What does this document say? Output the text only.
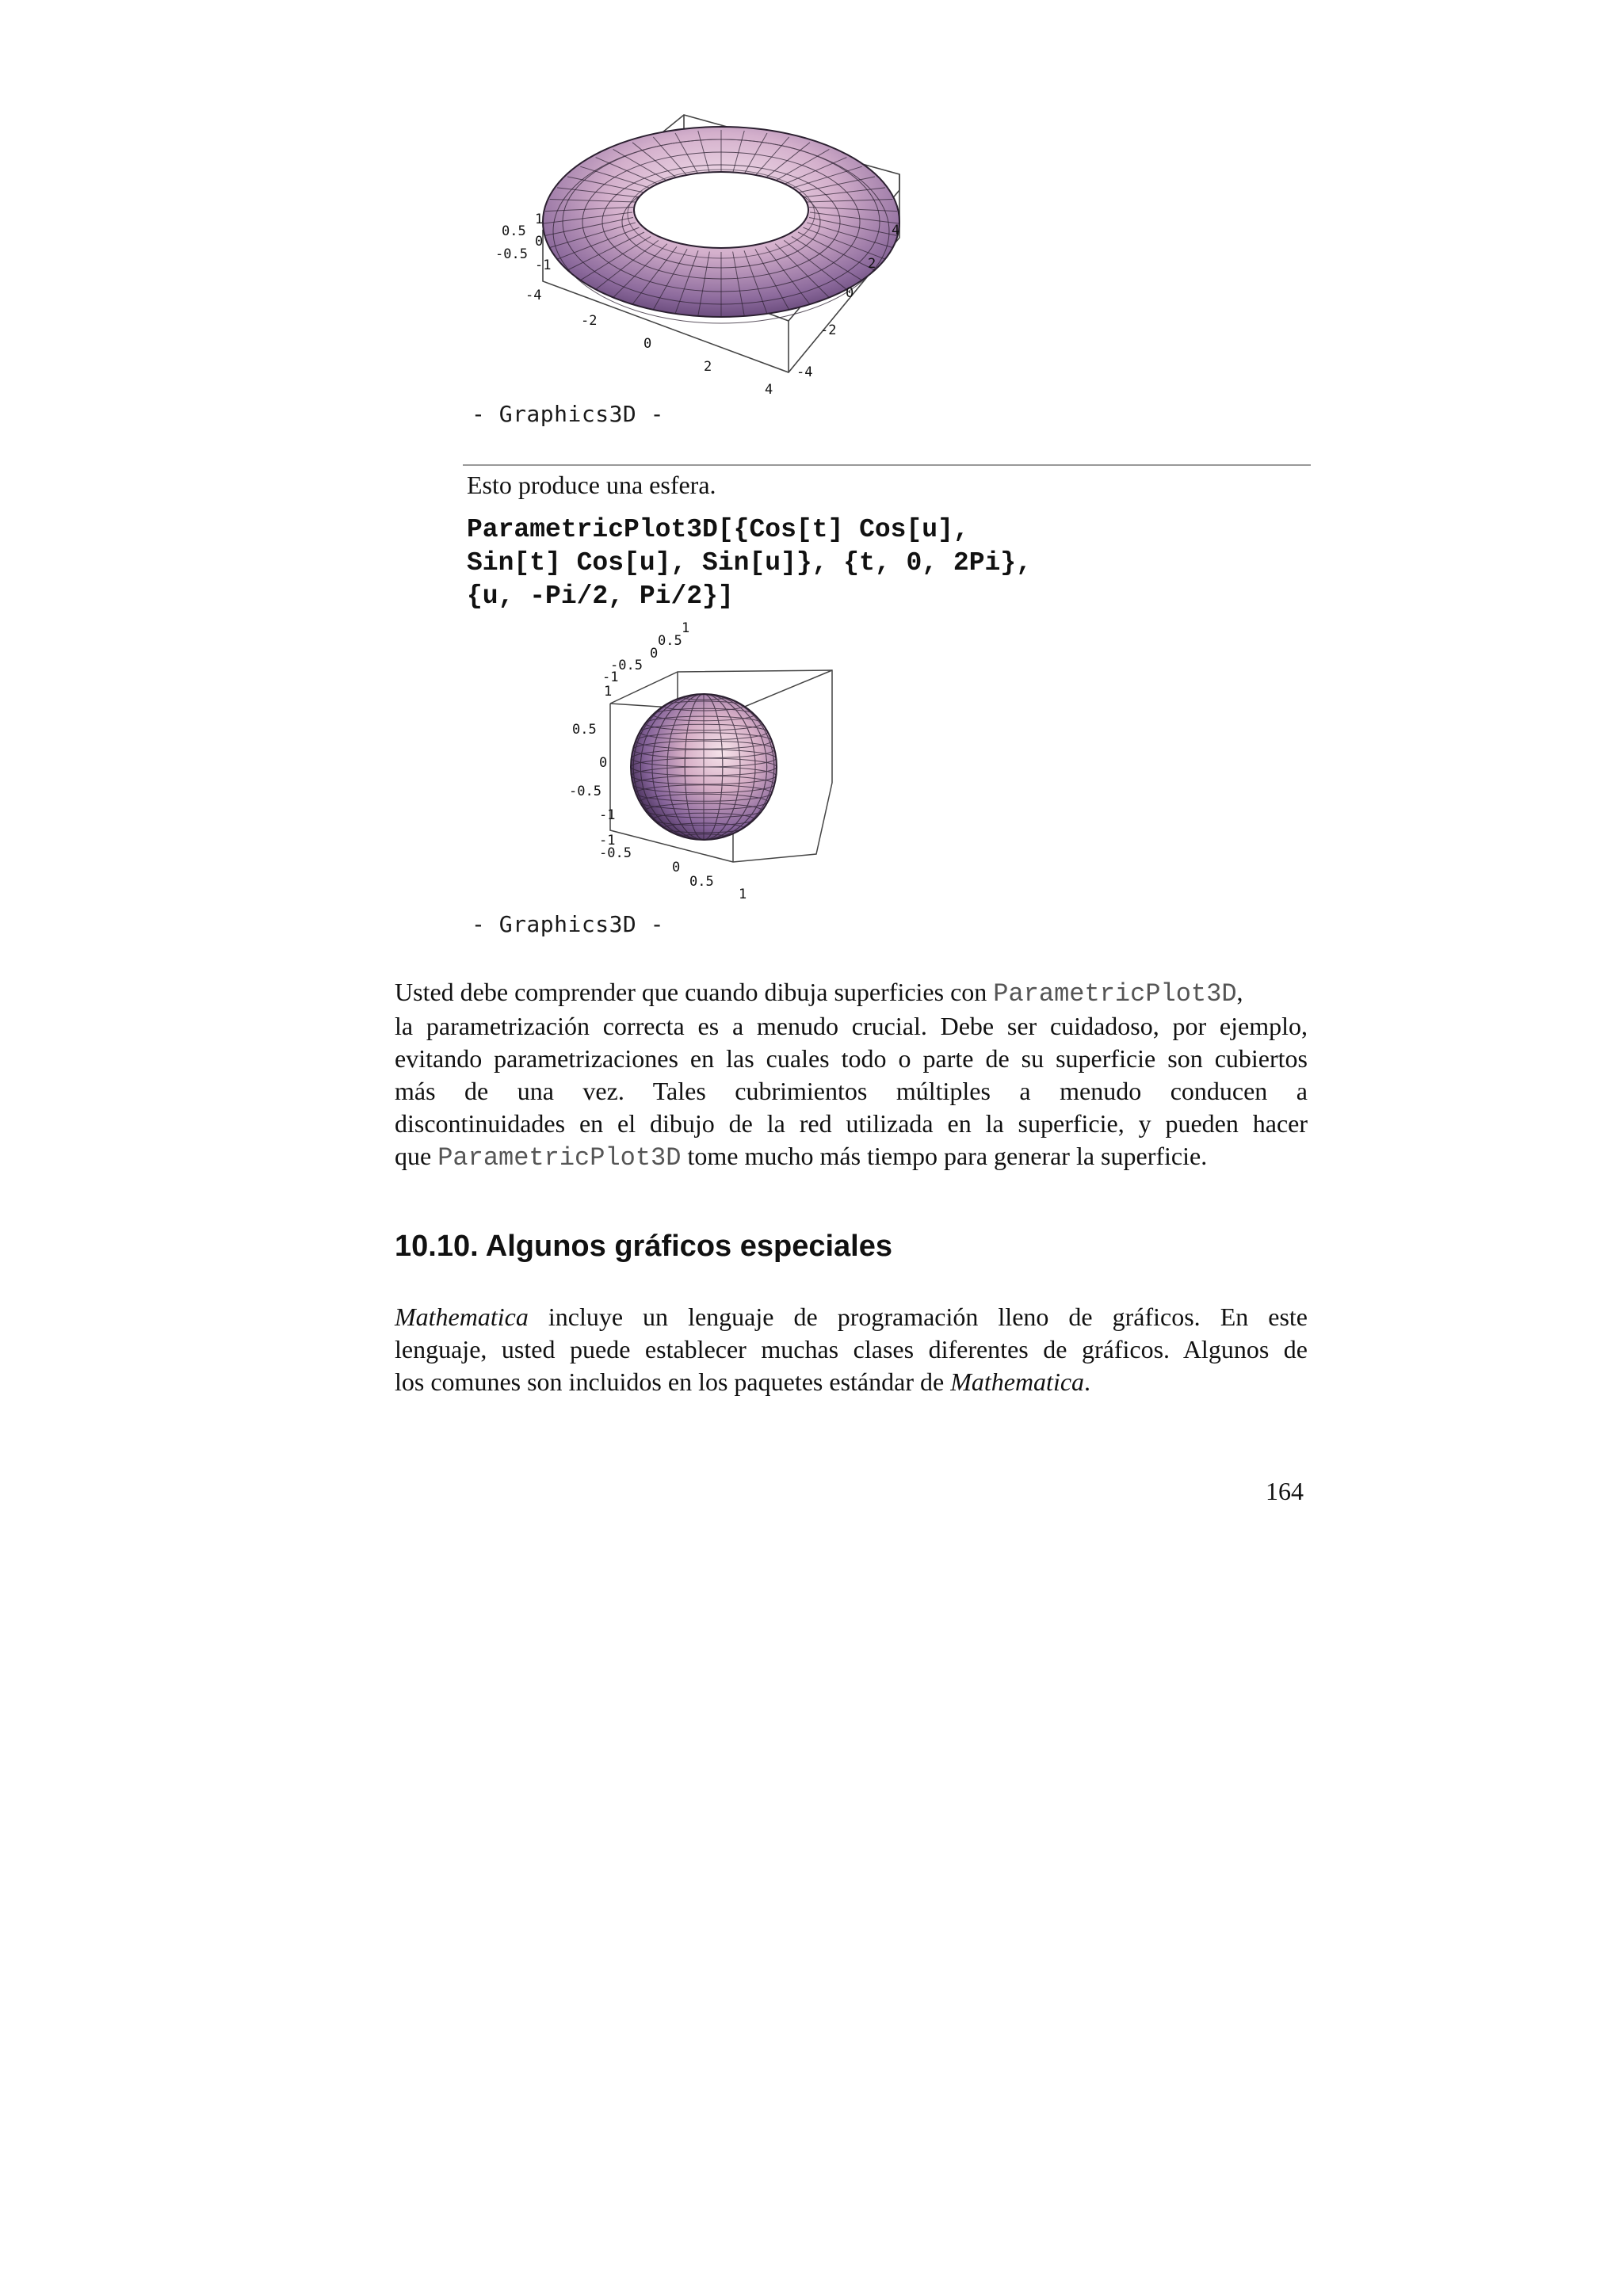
1
0.5
0
-0.5
-1
-4
-2
0
2
4
4
2
0
-2
-4
- Graphics3D -
Esto produce una esfera.
ParametricPlot3D[{Cos[t] Cos[u],
Sin[t] Cos[u], Sin[u]}, {t, 0, 2Pi},
{u, -Pi/2, Pi/2}]
1
0.5
0
-0.5
-1
1
0.5
0
-0.5
-1
-1
-0.5
0
0.5
1
- Graphics3D -
Usted debe comprender que cuando dibuja superficies con ParametricPlot3D,
la parametrización correcta es a menudo crucial. Debe ser cuidadoso, por ejemplo,
evitando parametrizaciones en las cuales todo o parte de su superficie son cubiertos
más de una vez. Tales cubrimientos múltiples a menudo conducen a
discontinuidades en el dibujo de la red utilizada en la superficie, y pueden hacer
que ParametricPlot3D tome mucho más tiempo para generar la superficie.
10.10. Algunos gráficos especiales
Mathematica incluye un lenguaje de programación lleno de gráficos. En este
lenguaje, usted puede establecer muchas clases diferentes de gráficos. Algunos de
los comunes son incluidos en los paquetes estándar de Mathematica.
164
